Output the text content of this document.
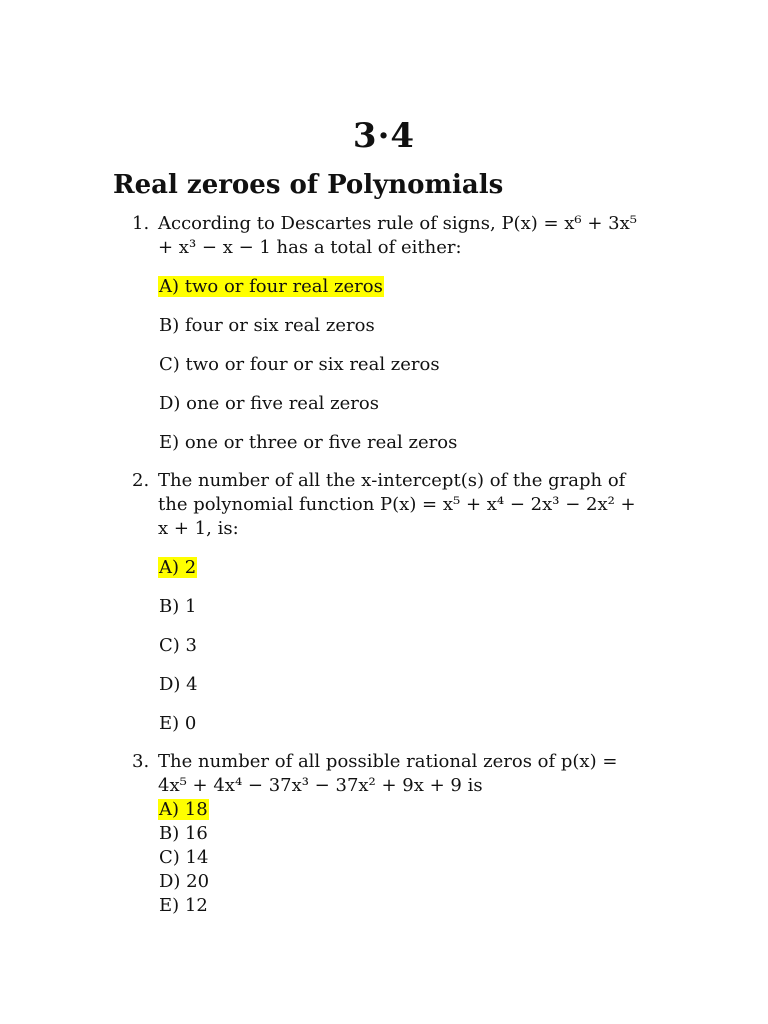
3·4
Real zeroes of Polynomials
1. According to Descartes rule of signs, P(x) = x⁶ + 3x⁵ + x³ − x − 1 has a total of either:
A) two or four real zeros
B) four or six real zeros
C) two or four or six real zeros
D) one or five real zeros
E) one or three or five real zeros
2. The number of all the x-intercept(s) of the graph of the polynomial function P(x) = x⁵ + x⁴ − 2x³ − 2x² + x + 1, is:
A) 2
B) 1
C) 3
D) 4
E) 0
3. The number of all possible rational zeros of p(x) = 4x⁵ + 4x⁴ − 37x³ − 37x² + 9x + 9 is
A) 18
B) 16
C) 14
D) 20
E) 12
